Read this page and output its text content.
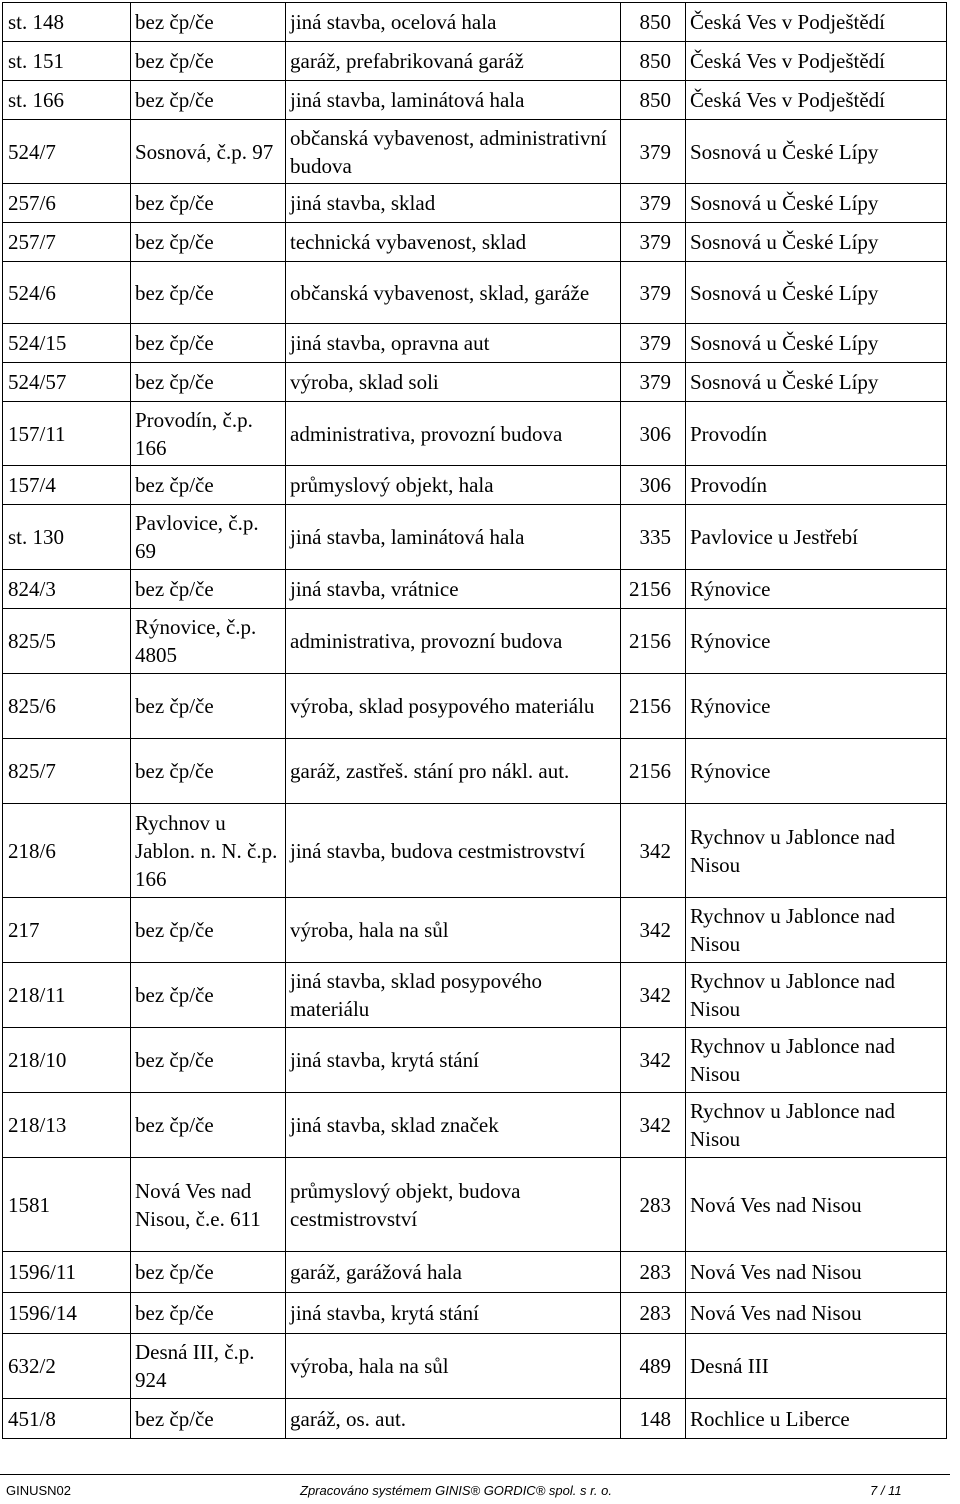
st. 148	bez čp/če	jiná stavba, ocelová hala	850	Česká Ves v Podještědí
st. 151	bez čp/če	garáž, prefabrikovaná garáž	850	Česká Ves v Podještědí
st. 166	bez čp/če	jiná stavba, laminátová hala	850	Česká Ves v Podještědí
524/7	Sosnová, č.p. 97	občanská vybavenost, administrativní budova	379	Sosnová u České Lípy
257/6	bez čp/če	jiná stavba, sklad	379	Sosnová u České Lípy
257/7	bez čp/če	technická vybavenost, sklad	379	Sosnová u České Lípy
524/6	bez čp/če	občanská vybavenost, sklad, garáže	379	Sosnová u České Lípy
524/15	bez čp/če	jiná stavba, opravna aut	379	Sosnová u České Lípy
524/57	bez čp/če	výroba, sklad soli	379	Sosnová u České Lípy
157/11	Provodín, č.p. 166	administrativa, provozní budova	306	Provodín
157/4	bez čp/če	průmyslový objekt, hala	306	Provodín
st. 130	Pavlovice, č.p. 69	jiná stavba, laminátová hala	335	Pavlovice u Jestřebí
824/3	bez čp/če	jiná stavba, vrátnice	2156	Rýnovice
825/5	Rýnovice, č.p. 4805	administrativa, provozní budova	2156	Rýnovice
825/6	bez čp/če	výroba, sklad posypového materiálu	2156	Rýnovice
825/7	bez čp/če	garáž, zastřeš. stání pro nákl. aut.	2156	Rýnovice
218/6	Rychnov u Jablon. n. N. č.p. 166	jiná stavba, budova cestmistrovství	342	Rychnov u Jablonce nad Nisou
217	bez čp/če	výroba, hala na sůl	342	Rychnov u Jablonce nad Nisou
218/11	bez čp/če	jiná stavba, sklad posypového materiálu	342	Rychnov u Jablonce nad Nisou
218/10	bez čp/če	jiná stavba, krytá stání	342	Rychnov u Jablonce nad Nisou
218/13	bez čp/če	jiná stavba, sklad značek	342	Rychnov u Jablonce nad Nisou
1581	Nová Ves nad Nisou, č.e. 611	průmyslový objekt, budova cestmistrovství	283	Nová Ves nad Nisou
1596/11	bez čp/če	garáž, garážová hala	283	Nová Ves nad Nisou
1596/14	bez čp/če	jiná stavba, krytá stání	283	Nová Ves nad Nisou
632/2	Desná III, č.p. 924	výroba, hala na sůl	489	Desná III
451/8	bez čp/če	garáž, os. aut.	148	Rochlice u Liberce
GINUSN02	Zpracováno systémem GINIS® GORDIC® spol. s r. o.	7 / 11
